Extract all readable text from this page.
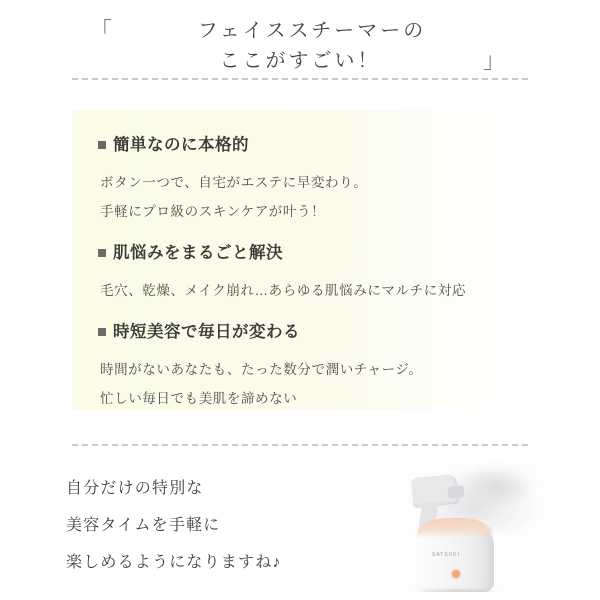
「	フェイススチーマーの
ここがすごい！	」
簡単なのに本格的

ボタン一つで、自宅がエステに早変わり。

手軽にプロ級のスキンケアが叶う！

肌悩みをまるごと解決

毛穴、乾燥、メイク崩れ…あらゆる肌悩みにマルチに対応

時短美容で毎日が変わる

時間がないあなたも、たった数分で潤いチャージ。

忙しい毎日でも美肌を諦めない

自分だけの特別な

美容タイムを手軽に

楽しめるようになりますね♪	SATSUKI
